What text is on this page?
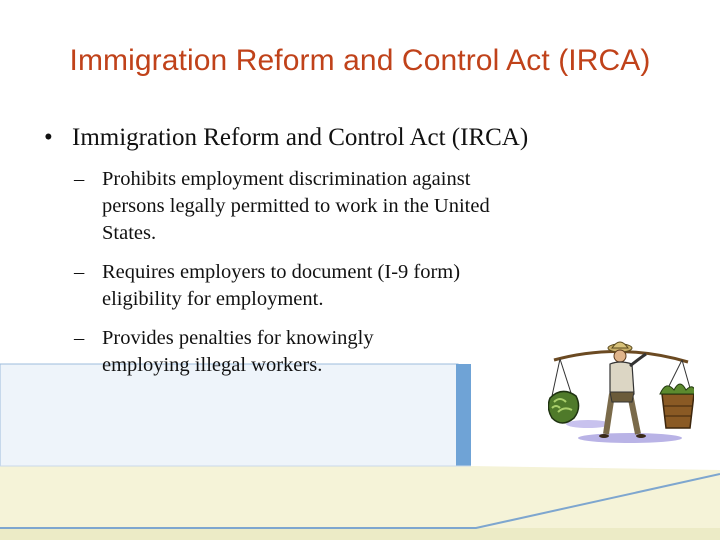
Immigration Reform and Control Act (IRCA)
• Immigration Reform and Control Act (IRCA)
– Prohibits employment discrimination against
persons legally permitted to work in the United
States.
– Requires employers to document (I-9 form)
eligibility for employment.
– Provides penalties for knowingly
employing illegal workers.
